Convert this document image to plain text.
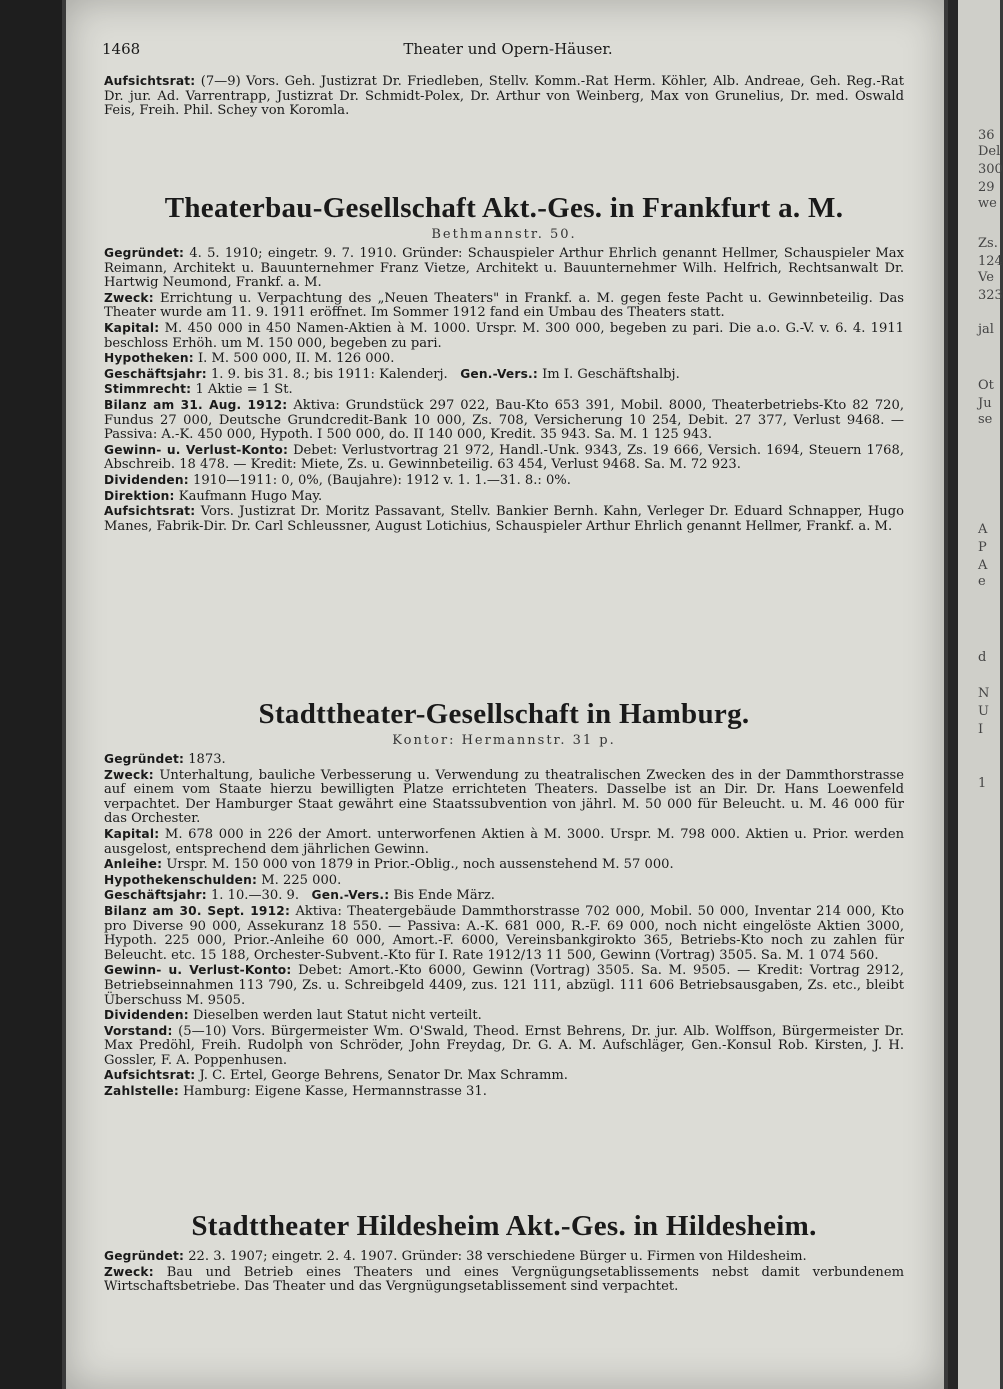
36
Del
300
29
we
Zs.
124
Ve
323
jal
Ot
Ju
se
A
P
A
e
d
N
U
I
1
1468	Theater und Opern-Häuser.

Aufsichtsrat: (7—9) Vors. Geh. Justizrat Dr. Friedleben, Stellv. Komm.-Rat Herm. Köhler, Alb. Andreae, Geh. Reg.-Rat Dr. jur. Ad. Varrentrapp, Justizrat Dr. Schmidt-Polex, Dr. Arthur von Weinberg, Max von Grunelius, Dr. med. Oswald Feis, Freih. Phil. Schey von Koromla.

Theaterbau-Gesellschaft Akt.-Ges. in Frankfurt a. M.
Bethmannstr. 50.

Gegründet: 4. 5. 1910; eingetr. 9. 7. 1910. Gründer: Schauspieler Arthur Ehrlich genannt Hellmer, Schauspieler Max Reimann, Architekt u. Bauunternehmer Franz Vietze, Architekt u. Bauunternehmer Wilh. Helfrich, Rechtsanwalt Dr. Hartwig Neumond, Frankf. a. M.

Zweck: Errichtung u. Verpachtung des „Neuen Theaters" in Frankf. a. M. gegen feste Pacht u. Gewinnbeteilig. Das Theater wurde am 11. 9. 1911 eröffnet. Im Sommer 1912 fand ein Umbau des Theaters statt.

Kapital: M. 450 000 in 450 Namen-Aktien à M. 1000. Urspr. M. 300 000, begeben zu pari. Die a.o. G.-V. v. 6. 4. 1911 beschloss Erhöh. um M. 150 000, begeben zu pari.

Hypotheken: I. M. 500 000, II. M. 126 000.

Geschäftsjahr: 1. 9. bis 31. 8.; bis 1911: Kalenderj. Gen.-Vers.: Im I. Geschäftshalbj.

Stimmrecht: 1 Aktie = 1 St.

Bilanz am 31. Aug. 1912: Aktiva: Grundstück 297 022, Bau-Kto 653 391, Mobil. 8000, Theaterbetriebs-Kto 82 720, Fundus 27 000, Deutsche Grundcredit-Bank 10 000, Zs. 708, Versicherung 10 254, Debit. 27 377, Verlust 9468. — Passiva: A.-K. 450 000, Hypoth. I 500 000, do. II 140 000, Kredit. 35 943. Sa. M. 1 125 943.

Gewinn- u. Verlust-Konto: Debet: Verlustvortrag 21 972, Handl.-Unk. 9343, Zs. 19 666, Versich. 1694, Steuern 1768, Abschreib. 18 478. — Kredit: Miete, Zs. u. Gewinnbeteilig. 63 454, Verlust 9468. Sa. M. 72 923.

Dividenden: 1910—1911: 0, 0%, (Baujahre): 1912 v. 1. 1.—31. 8.: 0%.

Direktion: Kaufmann Hugo May.

Aufsichtsrat: Vors. Justizrat Dr. Moritz Passavant, Stellv. Bankier Bernh. Kahn, Verleger Dr. Eduard Schnapper, Hugo Manes, Fabrik-Dir. Dr. Carl Schleussner, August Lotichius, Schauspieler Arthur Ehrlich genannt Hellmer, Frankf. a. M.

Stadttheater-Gesellschaft in Hamburg.
Kontor: Hermannstr. 31 p.

Gegründet: 1873.

Zweck: Unterhaltung, bauliche Verbesserung u. Verwendung zu theatralischen Zwecken des in der Dammthorstrasse auf einem vom Staate hierzu bewilligten Platze errichteten Theaters. Dasselbe ist an Dir. Dr. Hans Loewenfeld verpachtet. Der Hamburger Staat gewährt eine Staatssubvention von jährl. M. 50 000 für Beleucht. u. M. 46 000 für das Orchester.

Kapital: M. 678 000 in 226 der Amort. unterworfenen Aktien à M. 3000. Urspr. M. 798 000. Aktien u. Prior. werden ausgelost, entsprechend dem jährlichen Gewinn.

Anleihe: Urspr. M. 150 000 von 1879 in Prior.-Oblig., noch aussenstehend M. 57 000.

Hypothekenschulden: M. 225 000.

Geschäftsjahr: 1. 10.—30. 9. Gen.-Vers.: Bis Ende März.

Bilanz am 30. Sept. 1912: Aktiva: Theatergebäude Dammthorstrasse 702 000, Mobil. 50 000, Inventar 214 000, Kto pro Diverse 90 000, Assekuranz 18 550. — Passiva: A.-K. 681 000, R.-F. 69 000, noch nicht eingelöste Aktien 3000, Hypoth. 225 000, Prior.-Anleihe 60 000, Amort.-F. 6000, Vereinsbankgirokto 365, Betriebs-Kto noch zu zahlen für Beleucht. etc. 15 188, Orchester-Subvent.-Kto für I. Rate 1912/13 11 500, Gewinn (Vortrag) 3505. Sa. M. 1 074 560.

Gewinn- u. Verlust-Konto: Debet: Amort.-Kto 6000, Gewinn (Vortrag) 3505. Sa. M. 9505. — Kredit: Vortrag 2912, Betriebseinnahmen 113 790, Zs. u. Schreibgeld 4409, zus. 121 111, abzügl. 111 606 Betriebsausgaben, Zs. etc., bleibt Überschuss M. 9505.

Dividenden: Dieselben werden laut Statut nicht verteilt.

Vorstand: (5—10) Vors. Bürgermeister Wm. O'Swald, Theod. Ernst Behrens, Dr. jur. Alb. Wolffson, Bürgermeister Dr. Max Predöhl, Freih. Rudolph von Schröder, John Freydag, Dr. G. A. M. Aufschläger, Gen.-Konsul Rob. Kirsten, J. H. Gossler, F. A. Poppenhusen.

Aufsichtsrat: J. C. Ertel, George Behrens, Senator Dr. Max Schramm.

Zahlstelle: Hamburg: Eigene Kasse, Hermannstrasse 31.

Stadttheater Hildesheim Akt.-Ges. in Hildesheim.

Gegründet: 22. 3. 1907; eingetr. 2. 4. 1907. Gründer: 38 verschiedene Bürger u. Firmen von Hildesheim.

Zweck: Bau und Betrieb eines Theaters und eines Vergnügungsetablissements nebst damit verbundenem Wirtschaftsbetriebe. Das Theater und das Vergnügungsetablissement sind verpachtet.
